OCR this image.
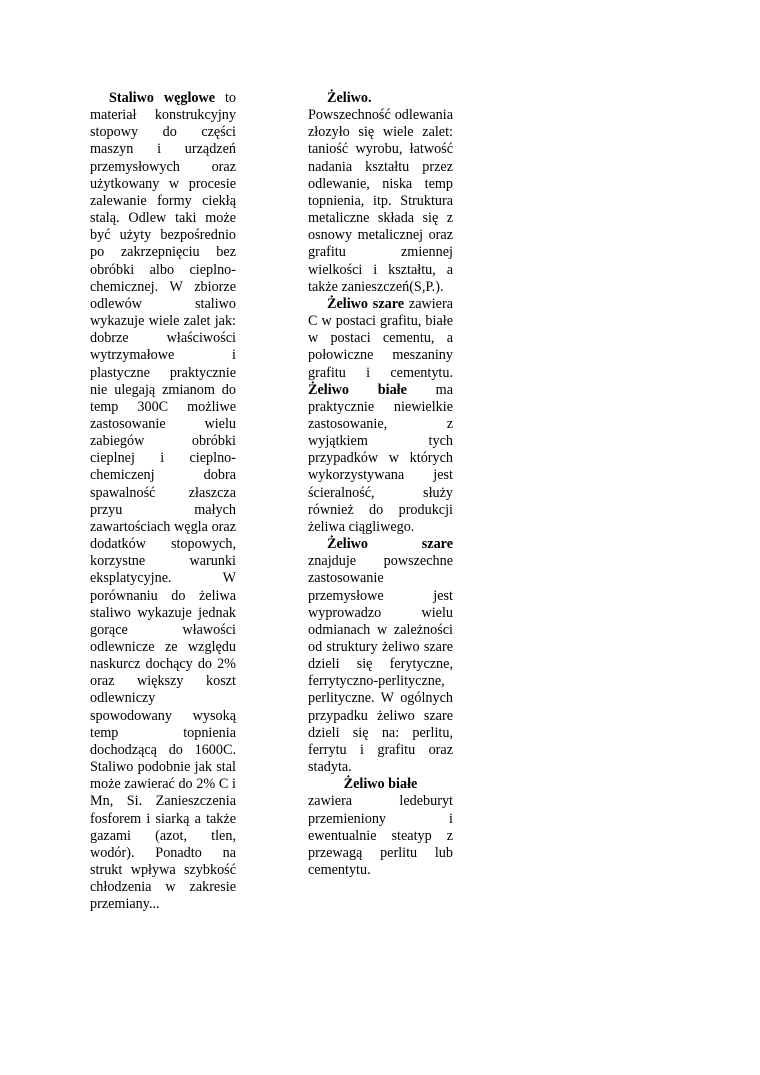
Staliwo węglowe to materiał konstrukcyjny stopowy do części maszyn i urządzeń przemysłowych oraz użytkowany w procesie zalewanie formy ciekłą stalą. Odlew taki może być użyty bezpośrednio po zakrzepnięciu bez obróbki albo cieplno-chemicznej. W zbiorze odlewów staliwo wykazuje wiele zalet jak: dobrze właściwości wytrzymałowe i plastyczne praktycznie nie ulegają zmianom do temp 300C możliwe zastosowanie wielu zabiegów obróbki cieplnej i cieplno-chemiczenj dobra spawalność złaszcza przyu małych zawartościach węgla oraz dodatków stopowych, korzystne warunki eksplatycyjne. W porównaniu do żeliwa staliwo wykazuje jednak gorące wławości odlewnicze ze względu naskurcz dochący do 2% oraz większy koszt odlewniczy spowodowany wysoką temp topnienia dochodzącą do 1600C. Staliwo podobnie jak stal może zawierać do 2% C i Mn, Si. Zanieszczenia fosforem i siarką a także gazami (azot, tlen, wodór). Ponadto na strukt wpływa szybkość chłodzenia w zakresie przemiany...

Żeliwo.

Powszechność odlewania złozyło się wiele zalet: taniość wyrobu, łatwość nadania kształtu przez odlewanie, niska temp topnienia, itp. Struktura metaliczne składa się z osnowy metalicznej oraz grafitu zmiennej wielkości i kształtu, a także zanieszczeń(S,P.).

Żeliwo szare zawiera C w postaci grafitu, białe w postaci cementu, a połowiczne meszaniny grafitu i cementytu. Żeliwo białe ma praktycznie niewielkie zastosowanie, z wyjątkiem tych przypadków w których wykorzystywana jest ścieralność, służy również do produkcji żeliwa ciągliwego.

Żeliwo szare znajduje powszechne zastosowanie przemysłowe jest wyprowadzo wielu odmianach w zależności od struktury żeliwo szare dzieli się ferytyczne, ferrytyczno-perlityczne, perlityczne. W ogólnych przypadku żeliwo szare dzieli się na: perlitu, ferrytu i grafitu oraz stadyta.

Żeliwo białe

zawiera ledeburyt przemieniony i ewentualnie steatyp z przewagą perlitu lub cementytu.
